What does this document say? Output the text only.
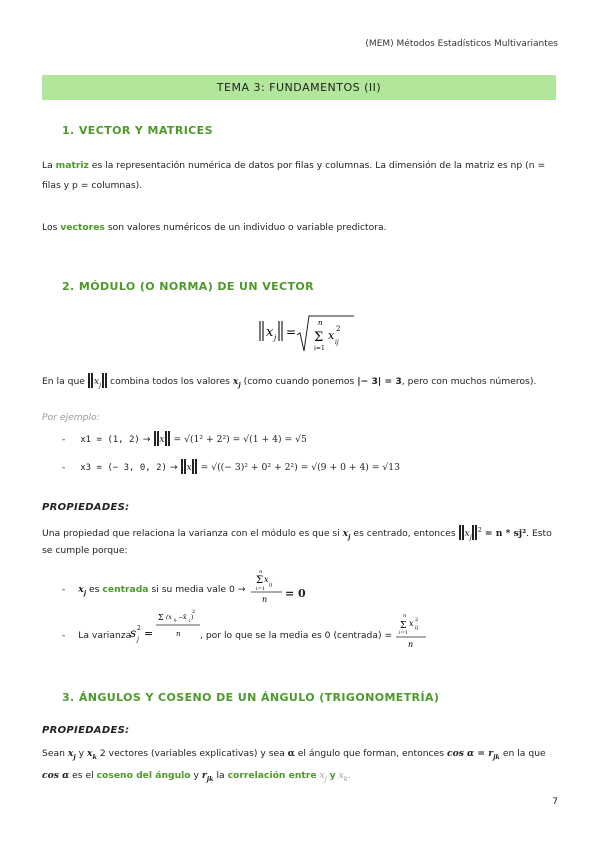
(MEM) Métodos Estadísticos Multivariantes
TEMA 3: FUNDAMENTOS (II)
1. VECTOR Y MATRICES
La matriz es la representación numérica de datos por filas y columnas. La dimensión de la matriz es np (n =
filas y p = columnas).
Los vectores son valores numéricos de un individuo o variable predictora.
2. MÓDULO (O NORMA) DE UN VECTOR
x j =
n
Σ
i=1
x
ij
2
En la que $x_j$ combina todos los valores $x_j$ (como cuando ponemos |− 3| = 3, pero con muchos números).
Por ejemplo:
- x1 = (1, 2) → x = √(1² + 2²) = √(1 + 4) = √5
- x3 = (− 3, 0, 2) → x = √((− 3)² + 0² + 2²) = √(9 + 0 + 4) = √13
PROPIEDADES:
Una propiedad que relaciona la varianza con el módulo es que si $x_j$ es centrado, entonces $x_j^2 = n * sj^2$. Esto
se cumple porque:
- $x_j$ es centrada si su media vale 0 →
n
Σ x
ij
i=1
n = 0
- La varianza
s 2
j =
Σ (x ij −x̄ .j )
2
n , por lo que se la media es 0 (centrada) =
n
Σ x 2
ij
i=1
n
3. ÁNGULOS Y COSENO DE UN ÁNGULO (TRIGONOMETRÍA)
PROPIEDADES:
Sean $x_j$ y $x_k$ 2 vectores (variables explicativas) y sea α el ángulo que forman, entonces $\cos \alpha = r_{jk}$ en la que
cos α es el coseno del ángulo y $r_{jk}$ la correlación entre $x_j$ y $x_k$.
7
